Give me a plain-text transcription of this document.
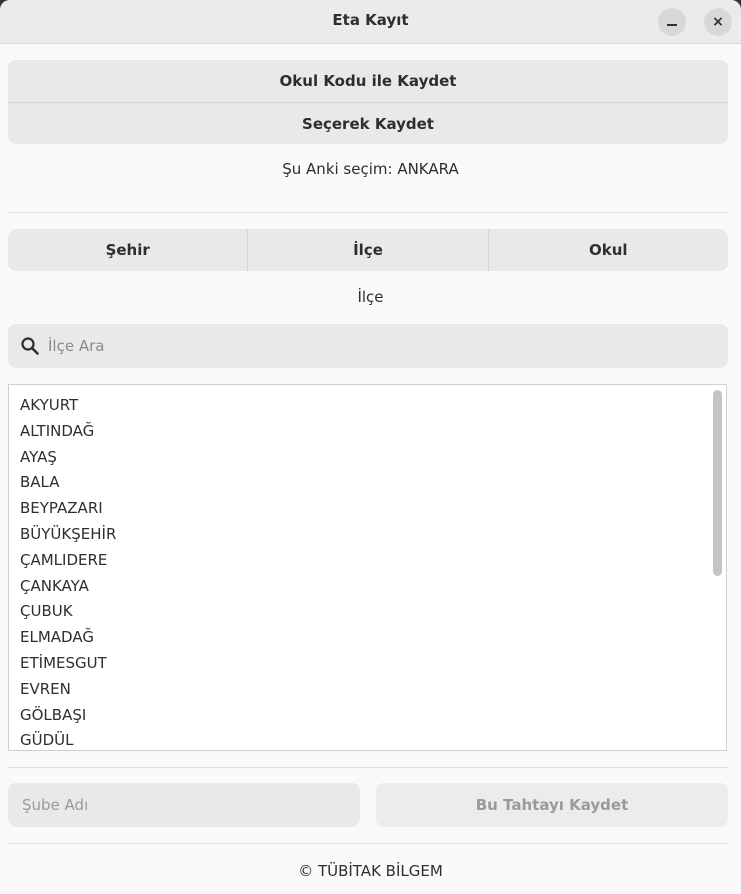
Eta Kayıt	×
Okul Kodu ile Kaydet
Seçerek Kaydet
Şu Anki seçim: ANKARA
Şehir	İlçe	Okul
İlçe
İlçe Ara
AKYURT
ALTINDAĞ
AYAŞ
BALA
BEYPAZARI
BÜYÜKŞEHİR
ÇAMLIDERE
ÇANKAYA
ÇUBUK
ELMADAĞ
ETİMESGUT
EVREN
GÖLBAŞI
GÜDÜL
Şube Adı
Bu Tahtayı Kaydet
© TÜBİTAK BİLGEM
